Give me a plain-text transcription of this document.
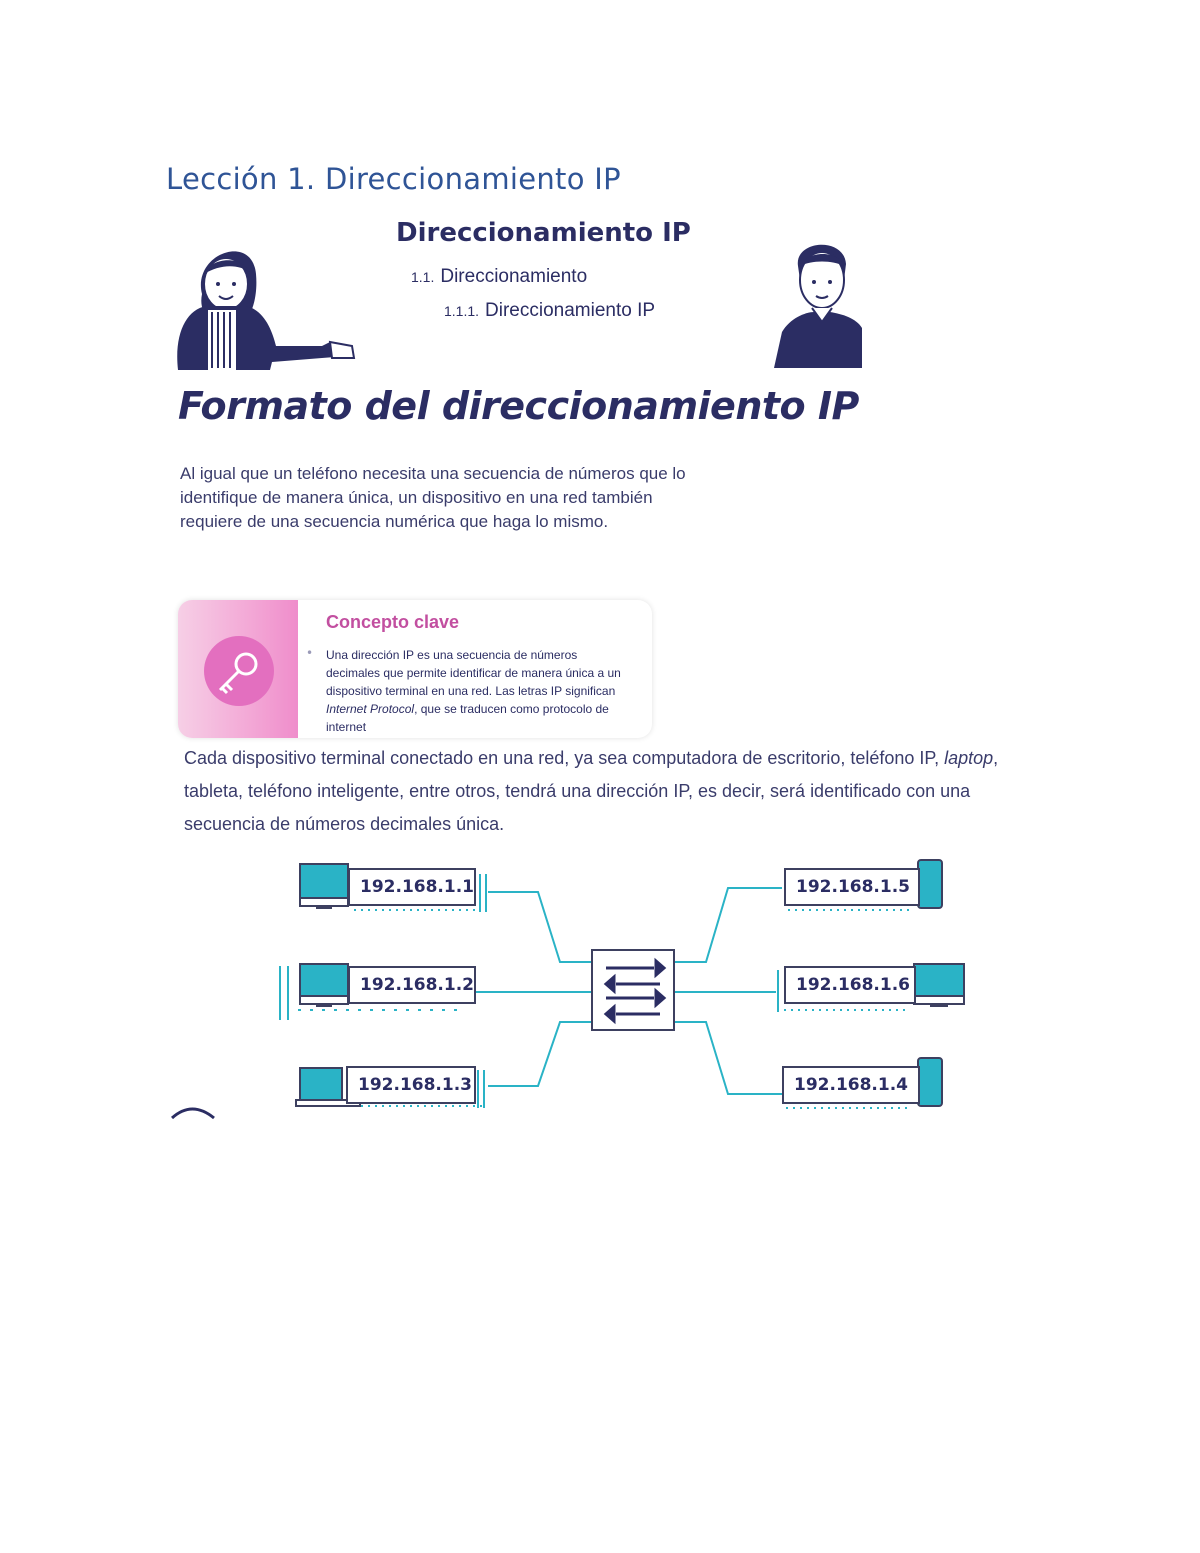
Lección 1. Direccionamiento IP
Direccionamiento IP
1.1. Direccionamiento
1.1.1. Direccionamiento IP
Formato del direccionamiento IP
Al igual que un teléfono necesita una secuencia de números que lo identifique de manera única, un dispositivo en una red también requiere de una secuencia numérica que haga lo mismo.
Concepto clave
• Una dirección IP es una secuencia de números decimales que permite identificar de manera única a un dispositivo terminal en una red. Las letras IP significan Internet Protocol, que se traducen como protocolo de internet
Cada dispositivo terminal conectado en una red, ya sea computadora de escritorio, teléfono IP, laptop, tableta, teléfono inteligente, entre otros, tendrá una dirección IP, es decir, será identificado con una secuencia de números decimales única.
192.168.1.1
192.168.1.2
192.168.1.3
192.168.1.5
192.168.1.6
192.168.1.4
